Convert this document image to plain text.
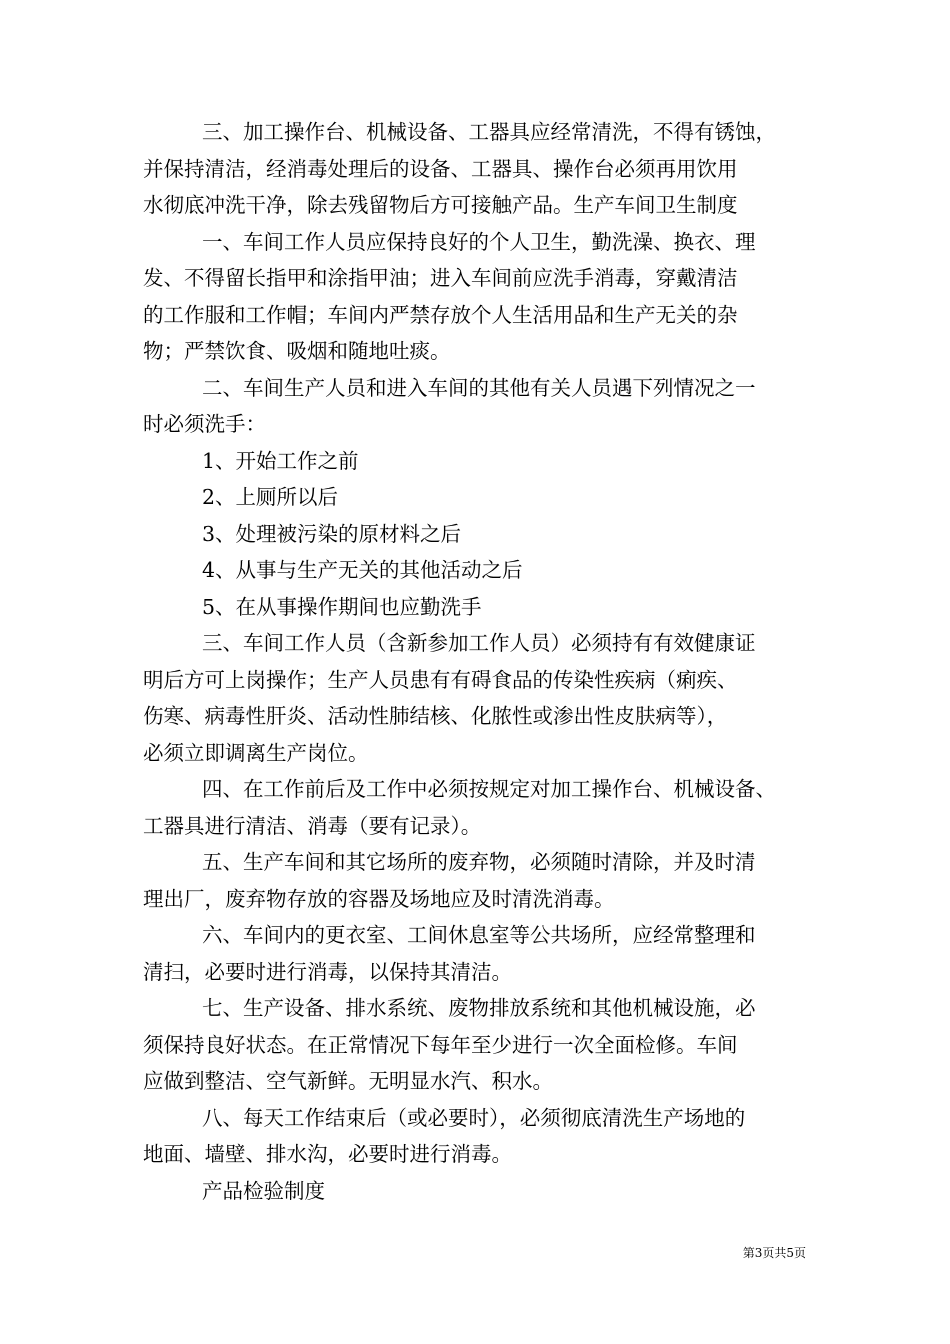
三、加工操作台、机械设备、工器具应经常清洗，不得有锈蚀，
并保持清洁，经消毒处理后的设备、工器具、操作台必须再用饮用
水彻底冲洗干净，除去残留物后方可接触产品。生产车间卫生制度
一、车间工作人员应保持良好的个人卫生，勤洗澡、换衣、理
发、不得留长指甲和涂指甲油；进入车间前应洗手消毒，穿戴清洁
的工作服和工作帽；车间内严禁存放个人生活用品和生产无关的杂
物；严禁饮食、吸烟和随地吐痰。
二、车间生产人员和进入车间的其他有关人员遇下列情况之一
时必须洗手：
1、开始工作之前
2、上厕所以后
3、处理被污染的原材料之后
4、从事与生产无关的其他活动之后
5、在从事操作期间也应勤洗手
三、车间工作人员（含新参加工作人员）必须持有有效健康证
明后方可上岗操作；生产人员患有有碍食品的传染性疾病（痢疾、
伤寒、病毒性肝炎、活动性肺结核、化脓性或渗出性皮肤病等），
必须立即调离生产岗位。
四、在工作前后及工作中必须按规定对加工操作台、机械设备、
工器具进行清洁、消毒（要有记录）。
五、生产车间和其它场所的废弃物，必须随时清除，并及时清
理出厂，废弃物存放的容器及场地应及时清洗消毒。
六、车间内的更衣室、工间休息室等公共场所，应经常整理和
清扫，必要时进行消毒，以保持其清洁。
七、生产设备、排水系统、废物排放系统和其他机械设施，必
须保持良好状态。在正常情况下每年至少进行一次全面检修。车间
应做到整洁、空气新鲜。无明显水汽、积水。
八、每天工作结束后（或必要时），必须彻底清洗生产场地的
地面、墙壁、排水沟，必要时进行消毒。
产品检验制度
第3页共5页
